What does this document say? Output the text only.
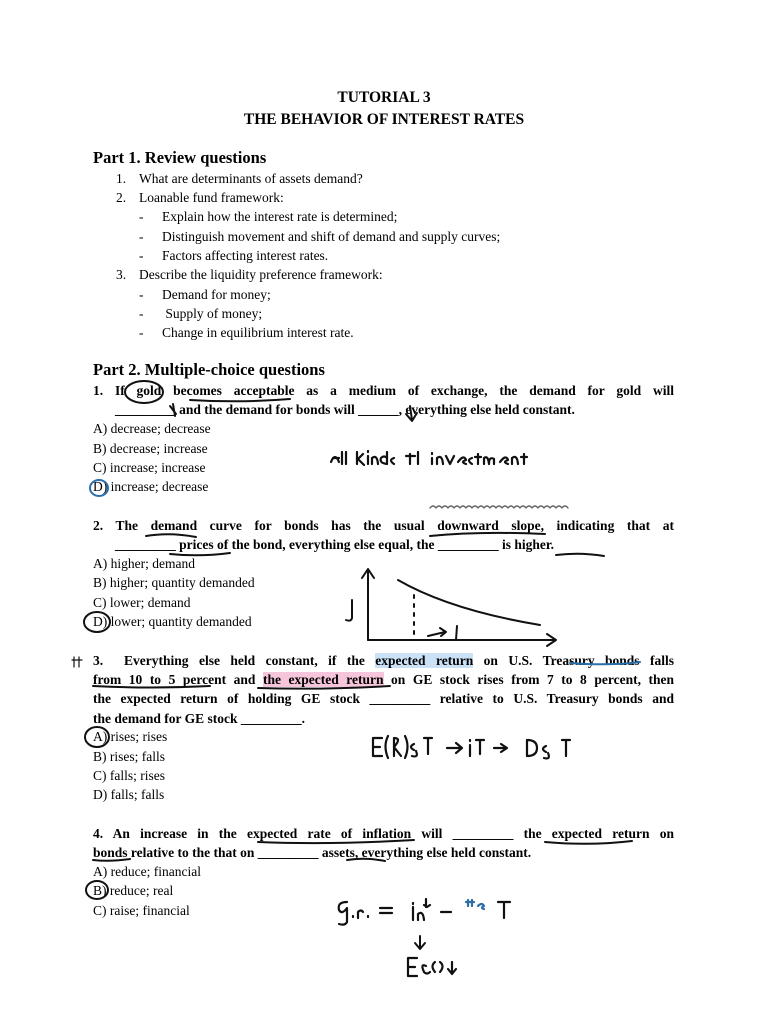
TUTORIAL 3
THE BEHAVIOR OF INTEREST RATES
Part 1. Review questions
1. What are determinants of assets demand?
2. Loanable fund framework:
- Explain how the interest rate is determined;
- Distinguish movement and shift of demand and supply curves;
- Factors affecting interest rates.
3. Describe the liquidity preference framework:
- Demand for money;
- Supply of money;
- Change in equilibrium interest rate.
Part 2. Multiple-choice questions
1. If gold becomes acceptable as a medium of exchange, the demand for gold will
_________ and the demand for bonds will ______, everything else held constant.
A) decrease; decrease
B) decrease; increase
C) increase; increase
D) increase; decrease
2. The demand curve for bonds has the usual downward slope, indicating that at
_________ prices of the bond, everything else equal, the _________ is higher.
A) higher; demand
B) higher; quantity demanded
C) lower; demand
D) lower; quantity demanded
3.  Everything else held constant, if the expected return on U.S. Treasury bonds falls
from 10 to 5 percent and the expected return on GE stock rises from 7 to 8 percent, then
the expected return of holding GE stock _________ relative to U.S. Treasury bonds and
the demand for GE stock _________.
A) rises; rises
B) rises; falls
C) falls; rises
D) falls; falls
4. An increase in the expected rate of inflation will _________ the expected return on
bonds relative to the that on _________ assets, everything else held constant.
A) reduce; financial
B) reduce; real
C) raise; financial
